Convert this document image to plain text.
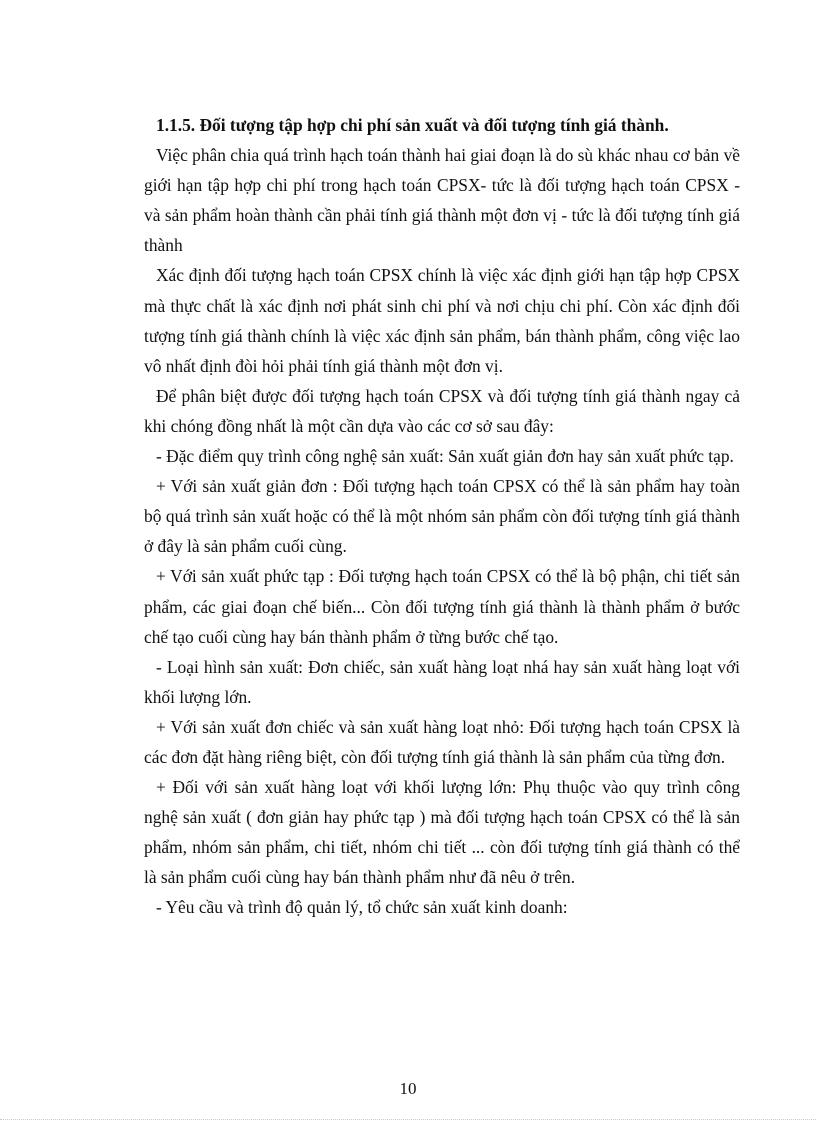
1.1.5. Đối tượng tập hợp chi phí sản xuất và đối tượng tính giá thành.

Việc phân chia quá trình hạch toán thành hai giai đoạn là do sù khác nhau cơ bản về giới hạn tập hợp chi phí trong hạch toán CPSX- tức là đối tượng hạch toán CPSX - và sản phẩm hoàn thành cần phải tính giá thành một đơn vị - tức là đối tượng tính giá thành

Xác định đối tượng hạch toán CPSX chính là việc xác định giới hạn tập hợp CPSX mà thực chất là xác định nơi phát sinh chi phí và nơi chịu chi phí. Còn xác định đối tượng tính giá thành chính là việc xác định sản phẩm, bán thành phẩm, công việc lao vô nhất định đòi hỏi phải tính giá thành một đơn vị.

Để phân biệt được đối tượng hạch toán CPSX và đối tượng tính giá thành ngay cả khi chóng đồng nhất là một cần dựa vào các cơ sở sau đây:

- Đặc điểm quy trình công nghệ sản xuất: Sản xuất giản đơn hay sản xuất phức tạp.

+ Với sản xuất giản đơn : Đối tượng hạch toán CPSX có thể là sản phẩm hay toàn bộ quá trình sản xuất hoặc có thể là một nhóm sản phẩm còn đối tượng tính giá thành ở đây là sản phẩm cuối cùng.

+ Với sản xuất phức tạp : Đối tượng hạch toán CPSX có thể là bộ phận, chi tiết sản phẩm, các giai đoạn chế biến... Còn đối tượng tính giá thành là thành phẩm ở bước chế tạo cuối cùng hay bán thành phẩm ở từng bước chế tạo.

- Loại hình sản xuất: Đơn chiếc, sản xuất hàng loạt nhá hay sản xuất hàng loạt với khối lượng lớn.

+ Với sản xuất đơn chiếc và sản xuất hàng loạt nhỏ: Đối tượng hạch toán CPSX là các đơn đặt hàng riêng biệt, còn đối tượng tính giá thành là sản phẩm của từng đơn.

+ Đối với sản xuất hàng loạt với khối lượng lớn: Phụ thuộc vào quy trình công nghệ sản xuất ( đơn giản hay phức tạp ) mà đối tượng hạch toán CPSX có thể là sản phẩm, nhóm sản phẩm, chi tiết, nhóm chi tiết ... còn đối tượng tính giá thành có thể là sản phẩm cuối cùng hay bán thành phẩm như đã nêu ở trên.

- Yêu cầu và trình độ quản lý, tổ chức sản xuất kinh doanh:

10
